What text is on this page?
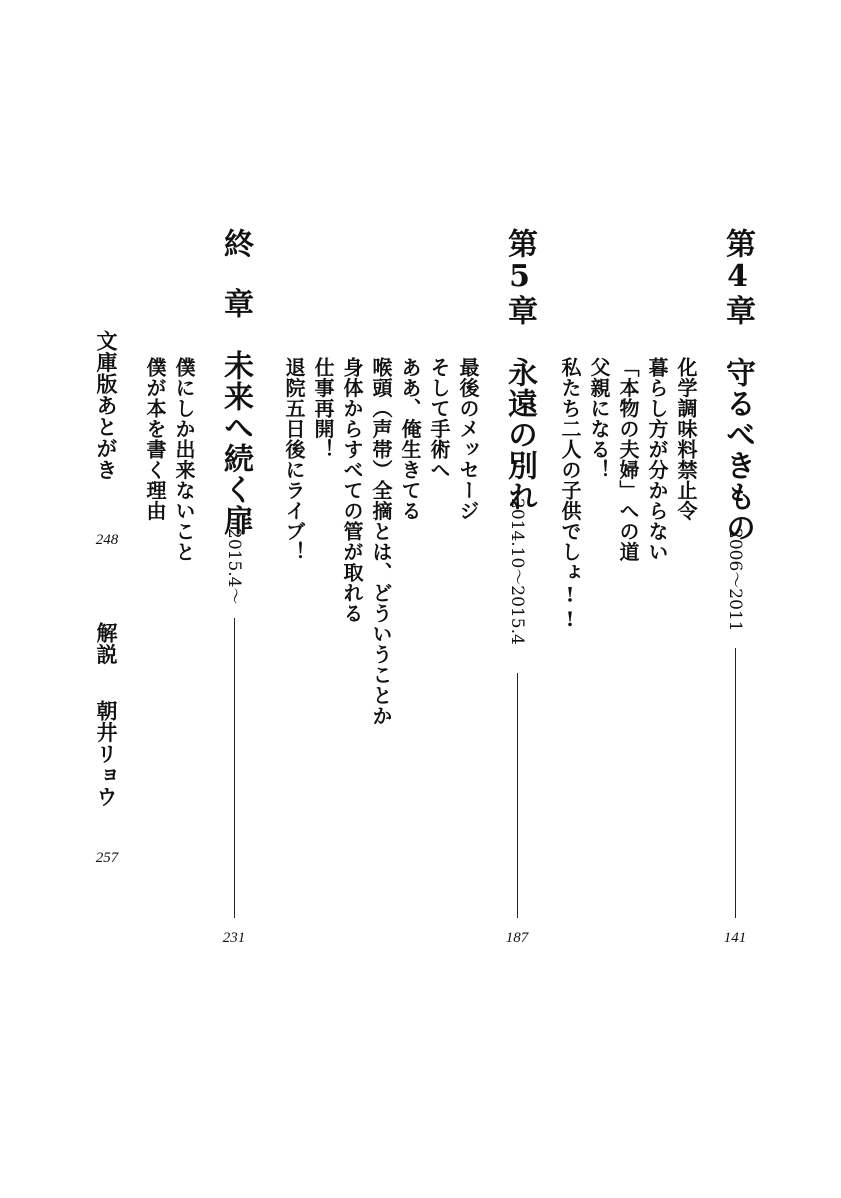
第4章　守るべきもの
2006〜2011
141
化学調味料禁止令
暮らし方が分からない
「本物の夫婦」への道
父親になる！
私たち二人の子供でしょ!!
第5章　永遠の別れ
2014.10〜2015.4
187
最後のメッセージ
そして手術へ
ああ、俺生きてる
喉頭（声帯）全摘とは、どういうことか
身体からすべての管が取れる
仕事再開！
退院五日後にライブ！
終
章　未来へ続く扉
2015.4〜
231
僕にしか出来ないこと
僕が本を書く理由
文庫版あとがき
248
解説
朝井リョウ
257
